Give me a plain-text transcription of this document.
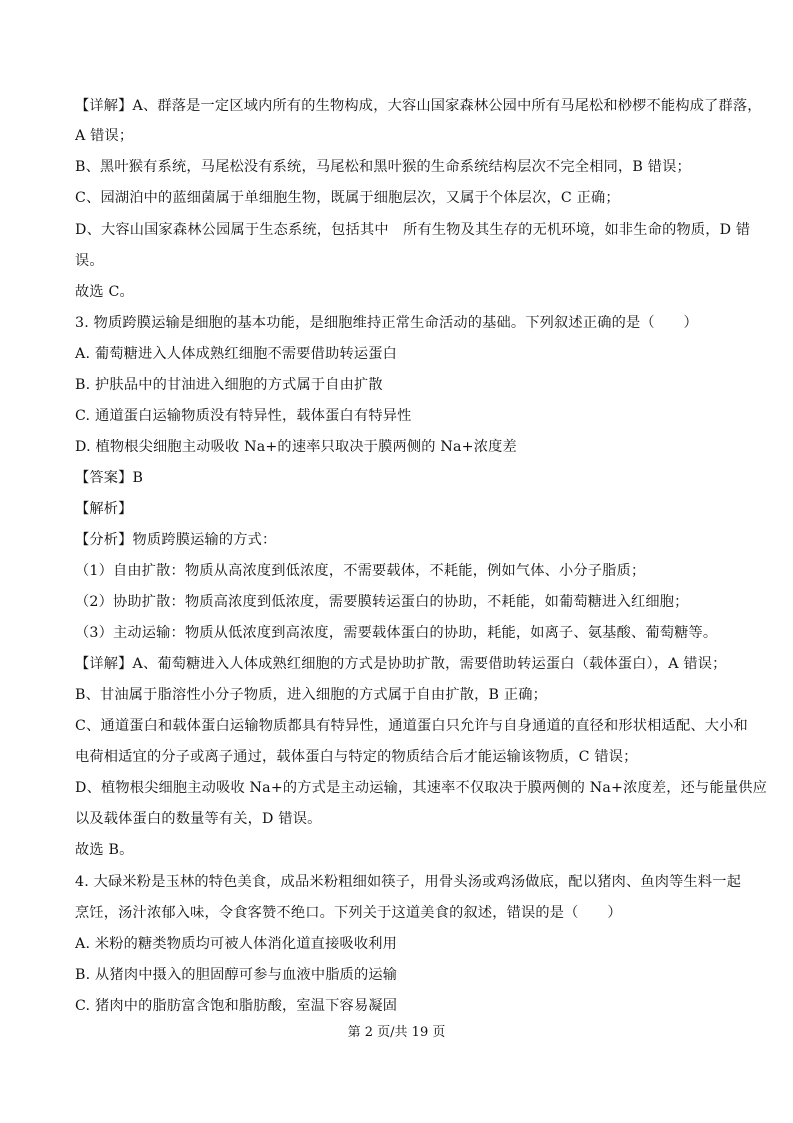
【详解】A、群落是一定区域内所有的生物构成，大容山国家森林公园中所有马尾松和桫椤不能构成了群落，
A 错误；
B、黑叶猴有系统，马尾松没有系统，马尾松和黑叶猴的生命系统结构层次不完全相同，B 错误；
C、园湖泊中的蓝细菌属于单细胞生物，既属于细胞层次，又属于个体层次，C 正确；
D、大容山国家森林公园属于生态系统，包括其中　所有生物及其生存的无机环境，如非生命的物质，D 错
误。
故选 C。
3. 物质跨膜运输是细胞的基本功能，是细胞维持正常生命活动的基础。下列叙述正确的是（　　）
A. 葡萄糖进入人体成熟红细胞不需要借助转运蛋白
B. 护肤品中的甘油进入细胞的方式属于自由扩散
C. 通道蛋白运输物质没有特异性，载体蛋白有特异性
D. 植物根尖细胞主动吸收 Na+的速率只取决于膜两侧的 Na+浓度差
【答案】B
【解析】
【分析】物质跨膜运输的方式：
（1）自由扩散：物质从高浓度到低浓度，不需要载体，不耗能，例如气体、小分子脂质；
（2）协助扩散：物质高浓度到低浓度，需要膜转运蛋白的协助，不耗能，如葡萄糖进入红细胞；
（3）主动运输：物质从低浓度到高浓度，需要载体蛋白的协助，耗能，如离子、氨基酸、葡萄糖等。
【详解】A、葡萄糖进入人体成熟红细胞的方式是协助扩散，需要借助转运蛋白（载体蛋白），A 错误；
B、甘油属于脂溶性小分子物质，进入细胞的方式属于自由扩散，B 正确；
C、通道蛋白和载体蛋白运输物质都具有特异性，通道蛋白只允许与自身通道的直径和形状相适配、大小和
电荷相适宜的分子或离子通过，载体蛋白与特定的物质结合后才能运输该物质，C 错误；
D、植物根尖细胞主动吸收 Na+的方式是主动运输，其速率不仅取决于膜两侧的 Na+浓度差，还与能量供应
以及载体蛋白的数量等有关，D 错误。
故选 B。
4. 大碌米粉是玉林的特色美食，成品米粉粗细如筷子，用骨头汤或鸡汤做底，配以猪肉、鱼肉等生料一起
烹饪，汤汁浓郁入味，令食客赞不绝口。下列关于这道美食的叙述，错误的是（　　）
A. 米粉的糖类物质均可被人体消化道直接吸收利用
B. 从猪肉中摄入的胆固醇可参与血液中脂质的运输
C. 猪肉中的脂肪富含饱和脂肪酸，室温下容易凝固
第 2 页/共 19 页
